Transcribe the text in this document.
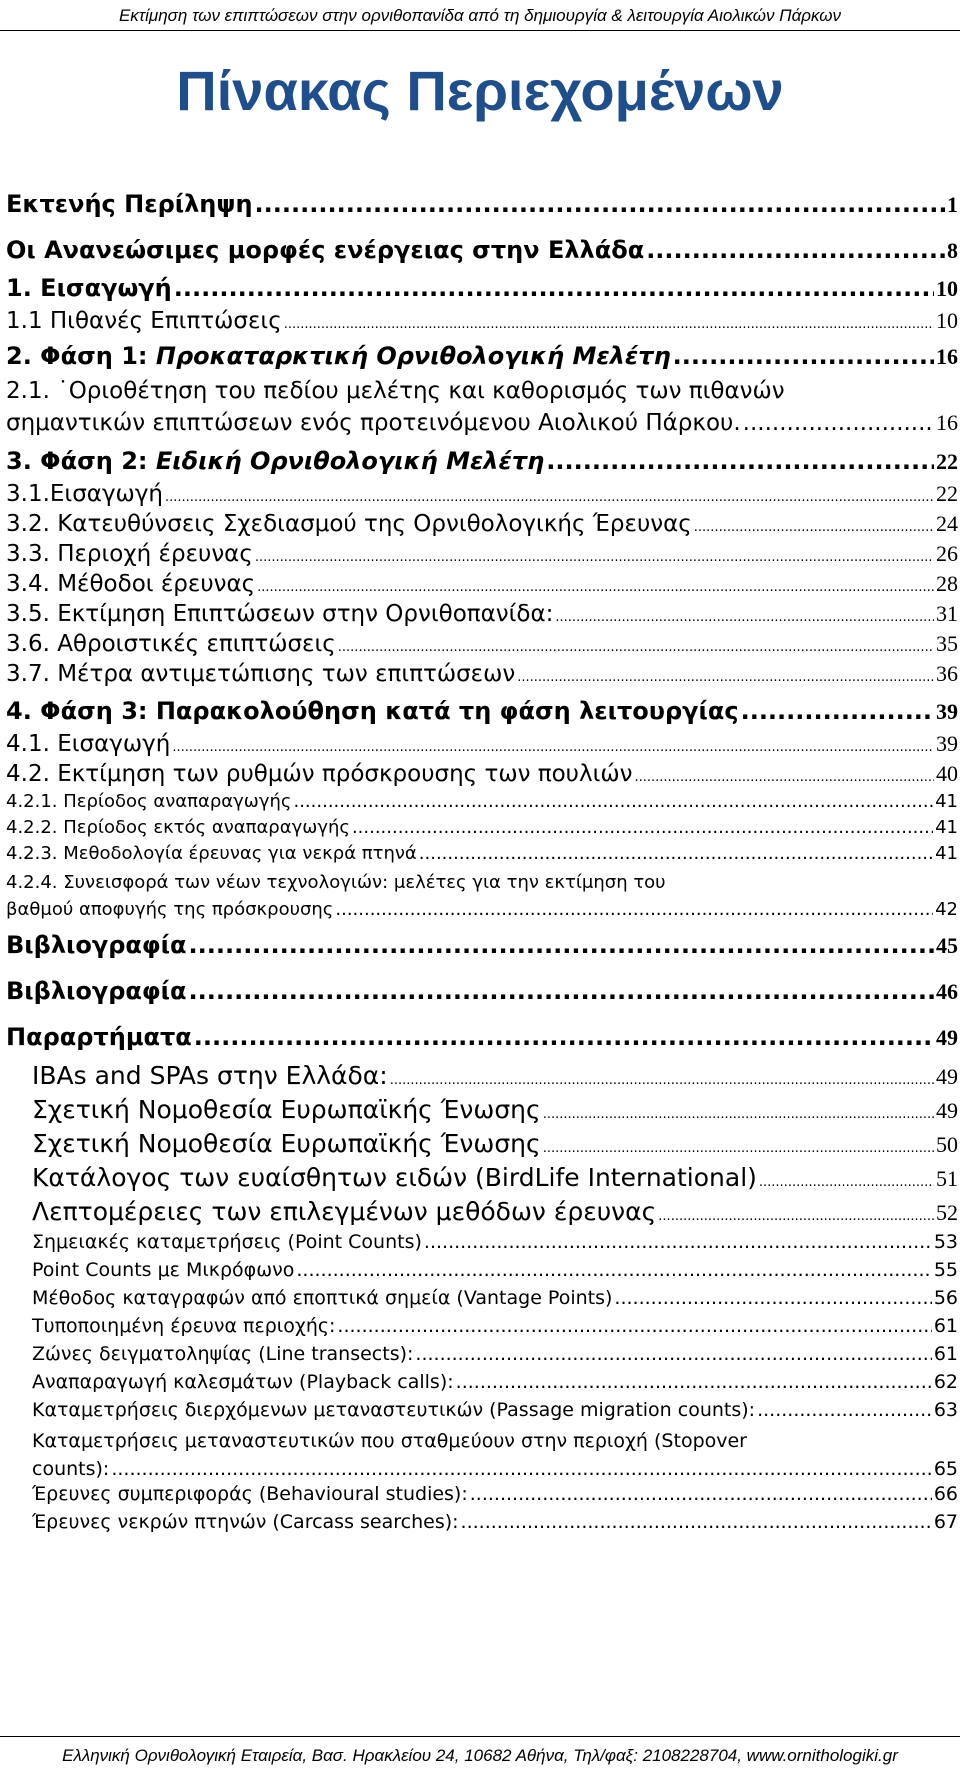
Εκτίμηση των επιπτώσεων στην ορνιθοπανίδα από τη δημιουργία & λειτουργία Αιολικών Πάρκων
Πίνακας Περιεχομένων
Εκτενής Περίληψη .....	1
Οι Ανανεώσιμες μορφές ενέργειας στην Ελλάδα .....	8
1. Εισαγωγή .....	10
1.1 Πιθανές Επιπτώσεις .....	10
2. Φάση 1: Προκαταρκτική Ορνιθολογική Μελέτη .....	16
2.1. ˙Οριοθέτηση του πεδίου μελέτης και καθορισμός των πιθανών
σημαντικών επιπτώσεων ενός προτεινόμενου Αιολικού Πάρκου. .....	16
3. Φάση 2: Ειδική Ορνιθολογική Μελέτη .....	22
3.1.Εισαγωγή .....	22
3.2. Κατευθύνσεις Σχεδιασμού της Ορνιθολογικής Έρευνας .....	24
3.3. Περιοχή έρευνας .....	26
3.4. Μέθοδοι έρευνας .....	28
3.5. Εκτίμηση Επιπτώσεων στην Ορνιθοπανίδα: .....	31
3.6. Αθροιστικές επιπτώσεις .....	35
3.7. Μέτρα αντιμετώπισης των επιπτώσεων .....	36
4. Φάση 3: Παρακολούθηση κατά τη φάση λειτουργίας .....	39
4.1. Εισαγωγή .....	39
4.2. Εκτίμηση των ρυθμών πρόσκρουσης των πουλιών .....	40
4.2.1. Περίοδος αναπαραγωγής .....	41
4.2.2. Περίοδος εκτός αναπαραγωγής .....	41
4.2.3. Μεθοδολογία έρευνας για νεκρά πτηνά .....	41
4.2.4. Συνεισφορά των νέων τεχνολογιών: μελέτες για την εκτίμηση του
βαθμού αποφυγής της πρόσκρουσης .....	42
Βιβλιογραφία .....	45
Βιβλιογραφία .....	46
Παραρτήματα .....	49
IBAs and SPAs στην Ελλάδα: .....	49
Σχετική Νομοθεσία Ευρωπαϊκής Ένωσης .....	49
Σχετική Νομοθεσία Ευρωπαϊκής Ένωσης .....	50
Κατάλογος των ευαίσθητων ειδών (BirdLife International) .....	51
Λεπτομέρειες των επιλεγμένων μεθόδων έρευνας .....	52
Σημειακές καταμετρήσεις (Point Counts) .....	53
Point Counts με Μικρόφωνο .....	55
Μέθοδος καταγραφών από εποπτικά σημεία (Vantage Points) .....	56
Τυποποιημένη έρευνα περιοχής: .....	61
Ζώνες δειγματοληψίας (Line transects): .....	61
Αναπαραγωγή καλεσμάτων (Playback calls): .....	62
Καταμετρήσεις διερχόμενων μεταναστευτικών (Passage migration counts): .....	63
Καταμετρήσεις μεταναστευτικών που σταθμεύουν στην περιοχή (Stopover
counts): .....	65
Έρευνες συμπεριφοράς (Behavioural studies): .....	66
Έρευνες νεκρών πτηνών (Carcass searches): .....	67
Ελληνική Ορνιθολογική Εταιρεία, Βασ. Ηρακλείου 24, 10682 Αθήνα, Τηλ/φαξ: 2108228704, www.ornithologiki.gr
